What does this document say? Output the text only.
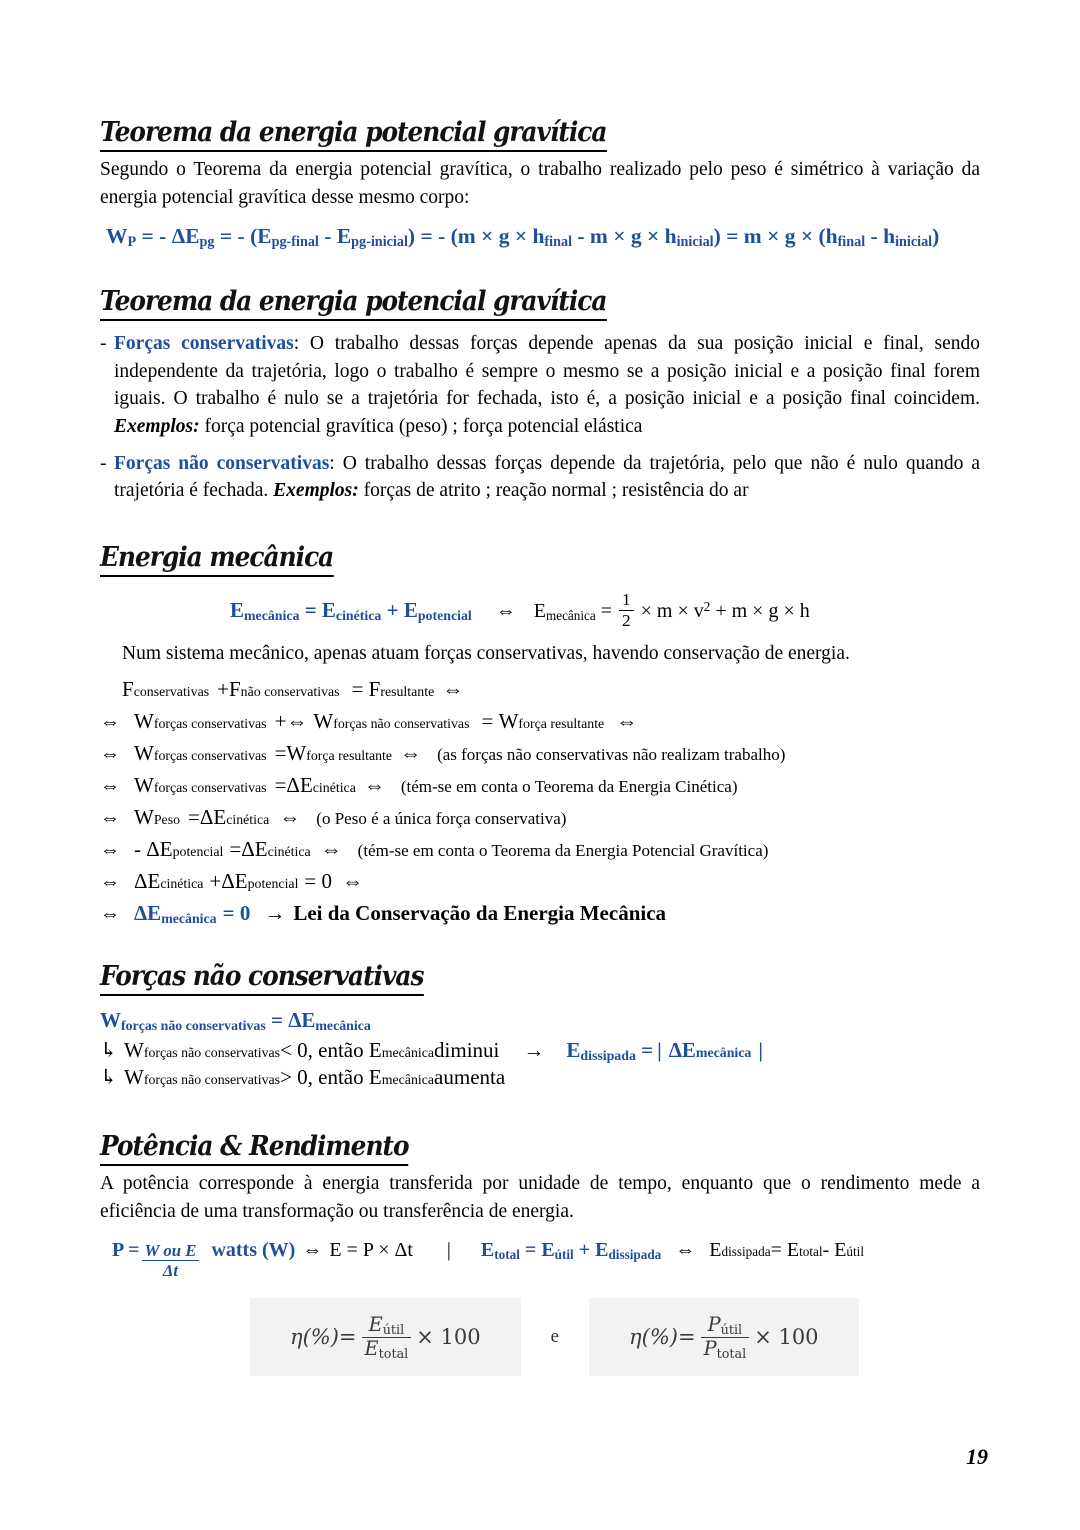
Teorema da energia potencial gravítica

Segundo o Teorema da energia potencial gravítica, o trabalho realizado pelo peso é simétrico à variação da energia potencial gravítica desse mesmo corpo:

$W_P$ = - $\Delta E_{pg}$ = - $(E_{pg-final} - E_{pg-inicial})$ = - $(m \times g \times h_{final} - m \times g \times h_{inicial}) = m \times g \times (h_{final} - h_{inicial})$
Teorema da energia potencial gravítica
- Forças conservativas: O trabalho dessas forças depende apenas da sua posição inicial e final, sendo independente da trajetória, logo o trabalho é sempre o mesmo se a posição inicial e a posição final forem iguais. O trabalho é nulo se a trajetória for fechada, isto é, a posição inicial e a posição final coincidem. Exemplos: força potencial gravítica (peso) ; força potencial elástica
- Forças não conservativas: O trabalho dessas forças depende da trajetória, pelo que não é nulo quando a trajetória é fechada. Exemplos: forças de atrito ; reação normal ; resistência do ar
Energia mecânica
$E_{mecânica} = E_{cinética} + E_{potencial}$ ⇔ $E_{mecânica} = \frac{1}{2} \times m \times v^2 + m \times g \times h$

Num sistema mecânico, apenas atuam forças conservativas, havendo conservação de energia.

F conservativas + F não conservativas = F resultante ⇔
⇔ W forças conservativas + ⇔ W forças não conservativas = W força resultante ⇔
⇔ W forças conservativas = W força resultante ⇔ (as forças não conservativas não realizam trabalho)
⇔ W forças conservativas = Δ E cinética ⇔ (tém-se em conta o Teorema da Energia Cinética)
⇔ W Peso = Δ E cinética ⇔ (o Peso é a única força conservativa)
⇔ - Δ E potencial = Δ E cinética ⇔ (tém-se em conta o Teorema da Energia Potencial Gravítica)
⇔ Δ E cinética + Δ E potencial = 0 ⇔
⇔ $\Delta E_{mecânica} = 0$ → Lei da Conservação da Energia Mecânica
Forças não conservativas
$W_{forças não conservativas} = \Delta E_{mecânica}$
↳ W forças não conservativas < 0, então E mecânica diminui → $E_{dissipada}$ = | ΔE mecânica |
↳ W forças não conservativas > 0, então E mecânica aumenta
Potência & Rendimento

A potência corresponde à energia transferida por unidade de tempo, enquanto que o rendimento mede a eficiência de uma transformação ou transferência de energia.

$P = \frac{\text{W ou E}}{\Delta t}$ watts (W) ⇔ E = P × Δt | $E_{total} = E_{útil} + E_{dissipada}$ ⇔ E dissipada = E total - E útil
$\eta(\%) = \frac{E_{útil}}{E_{total}} \times 100$	e	$\eta(\%) = \frac{P_{útil}}{P_{total}} \times 100$
19
